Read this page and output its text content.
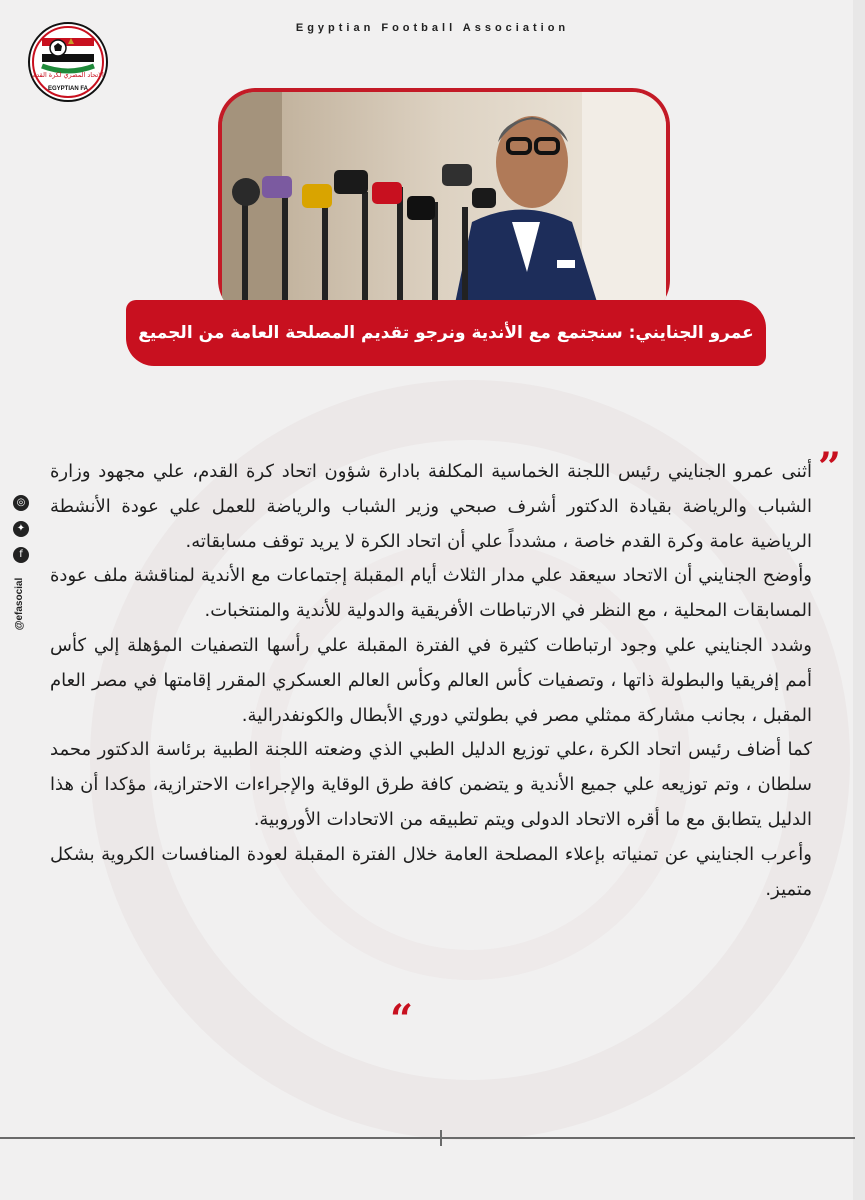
Egyptian Football Association
الاتحاد المصري لكرة القدم
EGYPTIAN FA
عمرو الجنايني: سنجتمع مع الأندية ونرجو تقديم المصلحة العامة من الجميع
◎
✦
f
@efasocial
”

أثنى عمرو الجنايني رئيس اللجنة الخماسية المكلفة بادارة شؤون اتحاد كرة القدم، علي مجهود وزارة الشباب والرياضة بقيادة الدكتور أشرف صبحي وزير الشباب والرياضة للعمل علي عودة الأنشطة الرياضية عامة وكرة القدم خاصة ، مشدداً علي أن اتحاد الكرة لا يريد توقف مسابقاته.

وأوضح الجنايني أن الاتحاد سيعقد علي مدار الثلاث أيام المقبلة إجتماعات مع الأندية لمناقشة ملف عودة المسابقات المحلية ، مع النظر في الارتباطات الأفريقية والدولية للأندية والمنتخبات.

وشدد الجنايني علي وجود ارتباطات كثيرة في الفترة المقبلة علي رأسها التصفيات المؤهلة إلي كأس أمم إفريقيا والبطولة ذاتها ، وتصفيات كأس العالم وكأس العالم العسكري المقرر إقامتها في مصر العام المقبل ، بجانب مشاركة ممثلي مصر في بطولتي دوري الأبطال والكونفدرالية.

كما أضاف رئيس اتحاد الكرة ،علي توزيع الدليل الطبي الذي وضعته اللجنة الطبية برئاسة الدكتور محمد سلطان ، وتم توزيعه علي جميع الأندية و يتضمن كافة طرق الوقاية والإجراءات الاحترازية، مؤكدا أن هذا الدليل يتطابق مع ما أقره الاتحاد الدولى ويتم تطبيقه من الاتحادات الأوروبية.

وأعرب الجنايني عن تمنياته بإعلاء المصلحة العامة خلال الفترة المقبلة لعودة المنافسات الكروية بشكل متميز.

“
